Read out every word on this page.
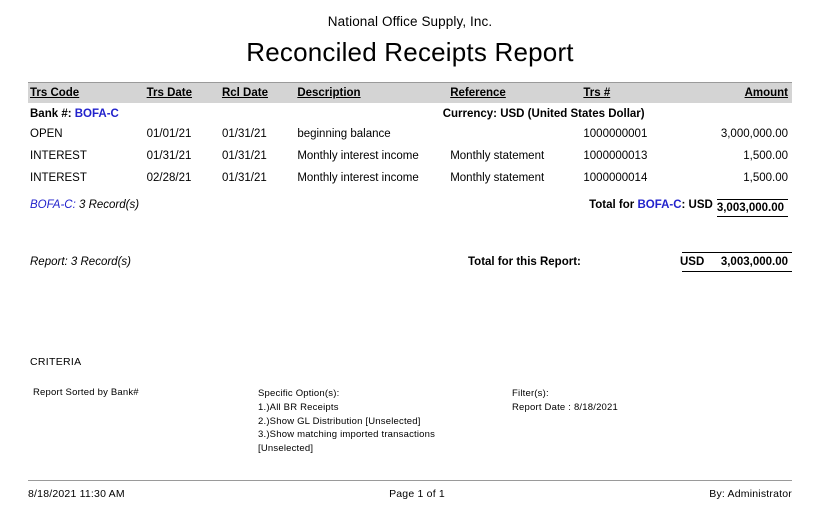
National Office Supply, Inc.
Reconciled Receipts Report
Trs Code	Trs Date	Rcl Date	Description	Reference	Trs #	Amount
Bank #: BOFA-C			Currency: USD (United States Dollar)			
OPEN	01/01/21	01/31/21	beginning balance		1000000001	3,000,000.00
INTEREST	01/31/21	01/31/21	Monthly interest income	Monthly statement	1000000013	1,500.00
INTEREST	02/28/21	01/31/21	Monthly interest income	Monthly statement	1000000014	1,500.00
BOFA-C: 3 Record(s)			Total for BOFA-C: USD			3,003,000.00
Report: 3 Record(s)	Total for this Report:	USD	3,003,000.00
CRITERIA
Report Sorted by Bank#	Specific Option(s):
1.)All BR Receipts
2.)Show GL Distribution [Unselected]
3.)Show matching imported transactions
[Unselected]
Filter(s):
Report Date : 8/18/2021
8/18/2021 11:30 AM	Page 1 of 1	By: Administrator
